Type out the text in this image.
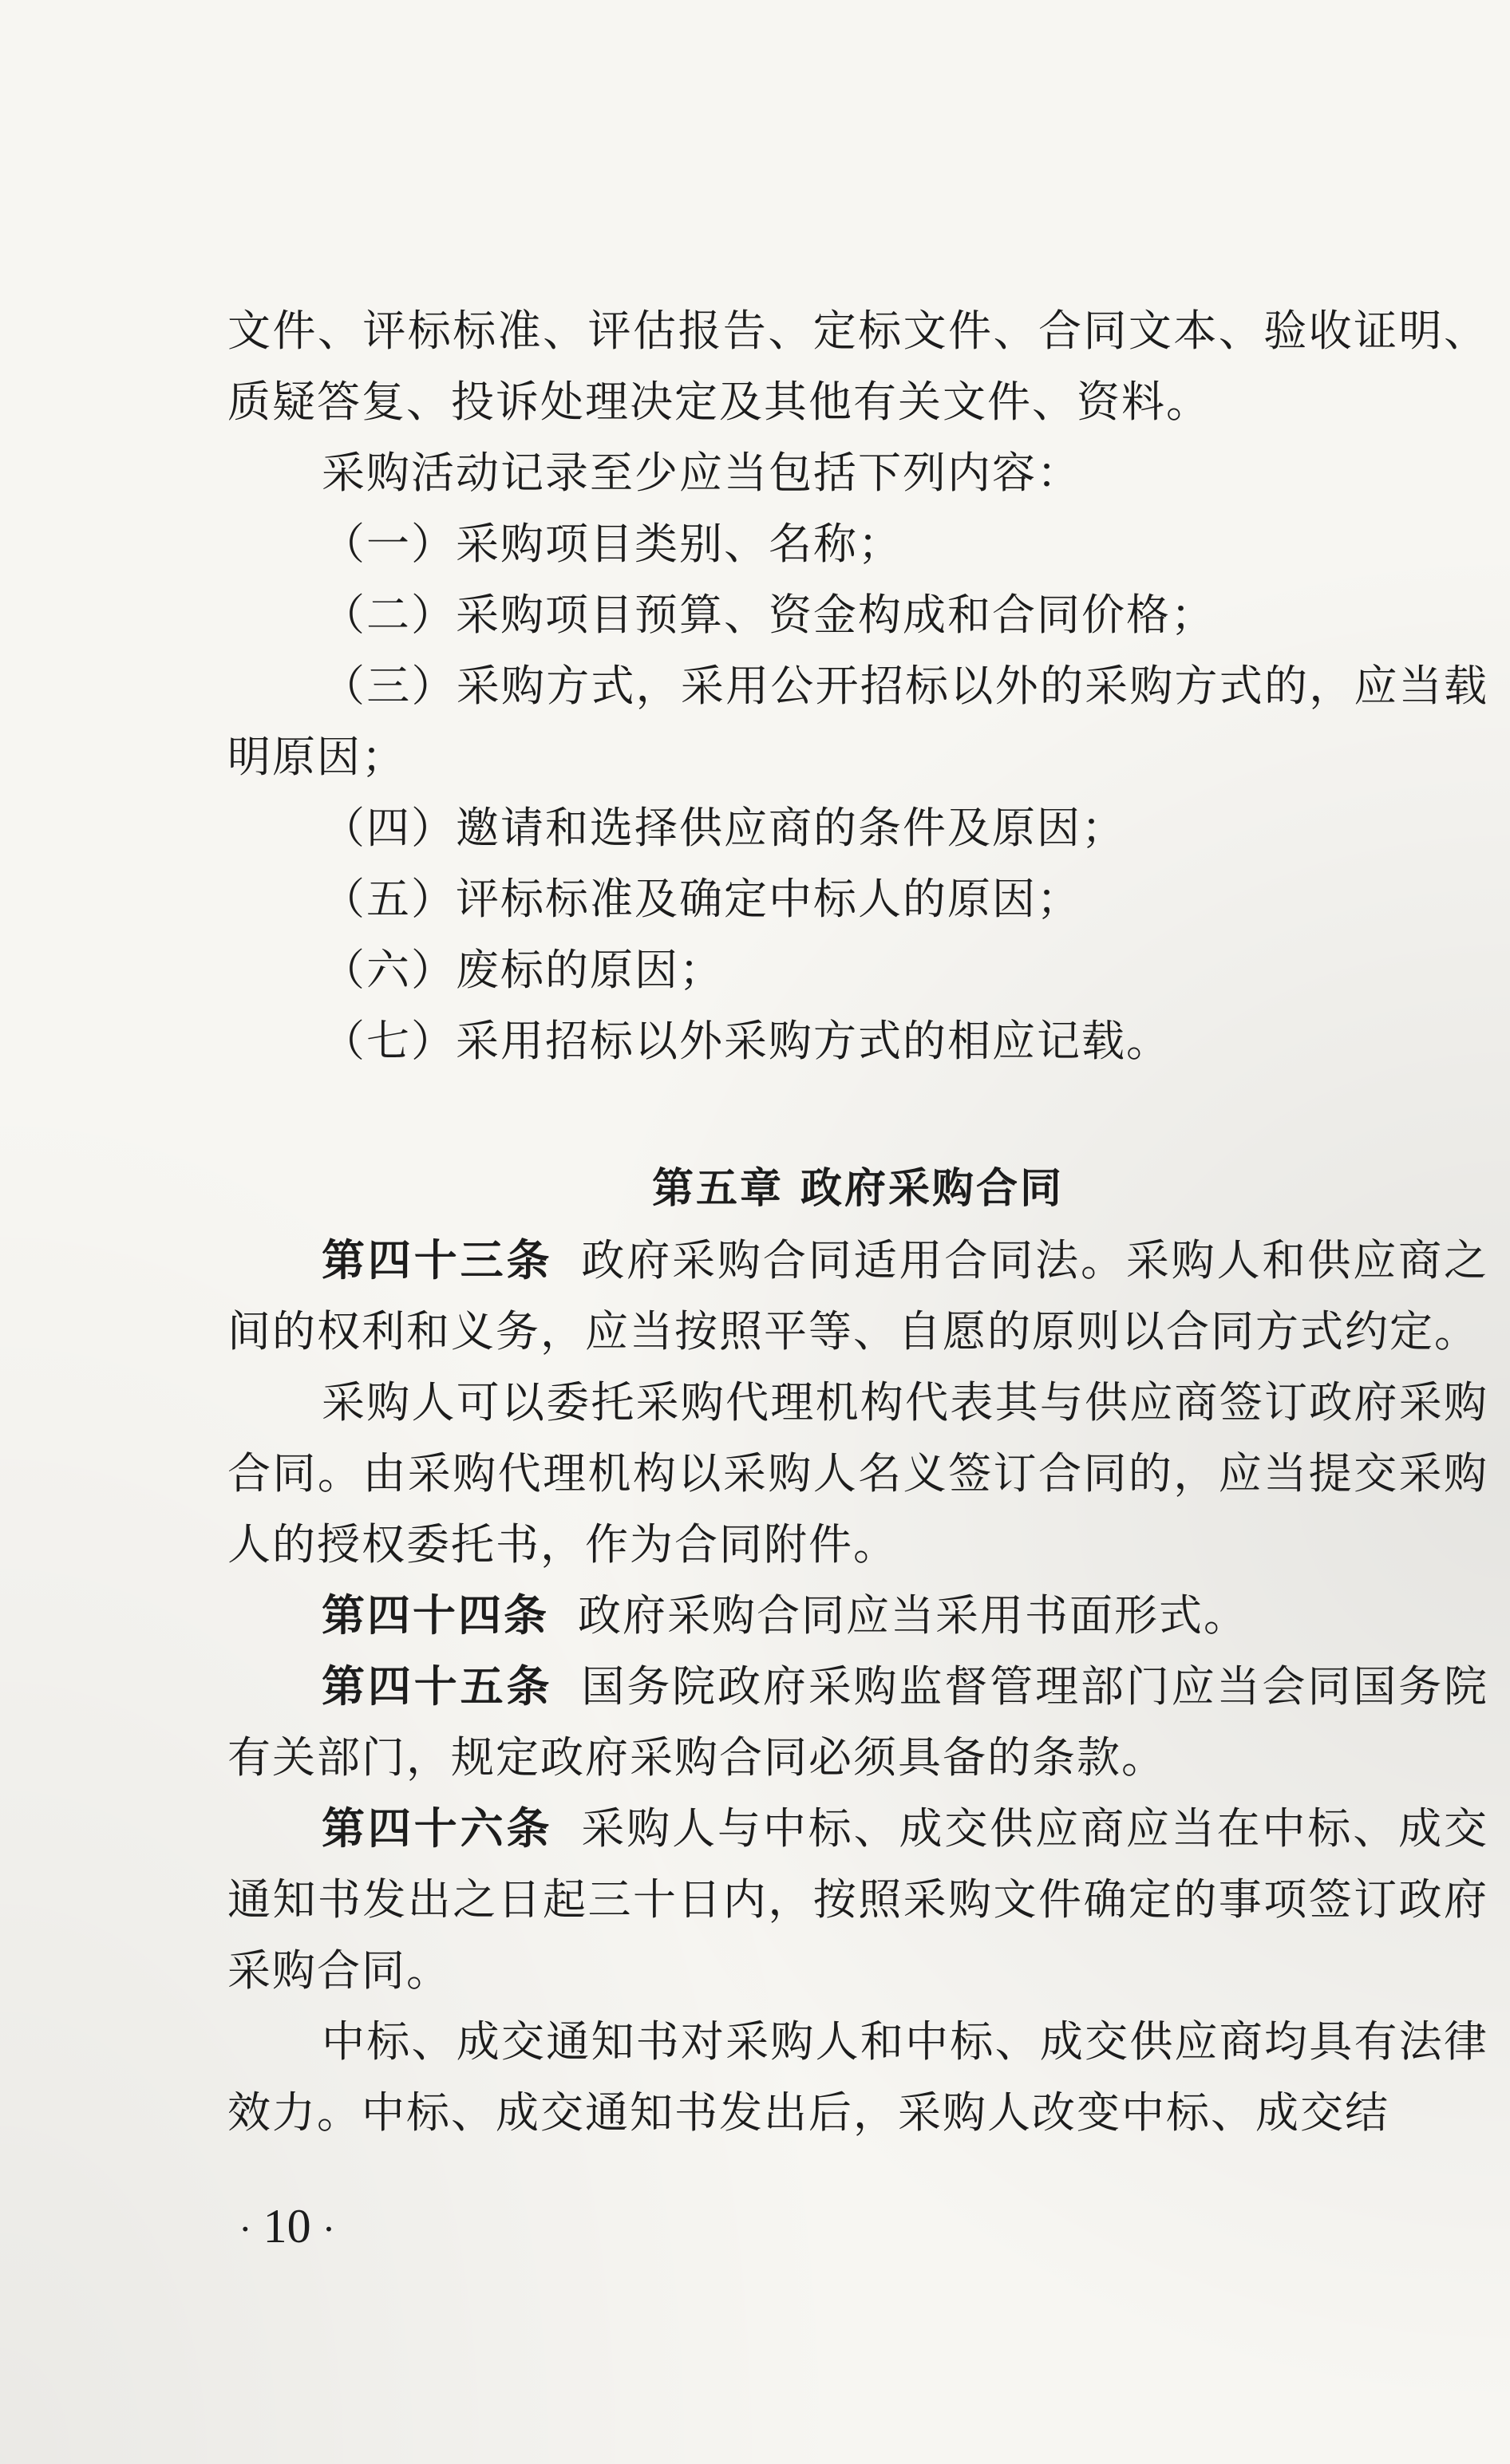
文件、评标标准、评估报告、定标文件、合同文本、验收证明、质疑答复、投诉处理决定及其他有关文件、资料。

采购活动记录至少应当包括下列内容：

（一）采购项目类别、名称；

（二）采购项目预算、资金构成和合同价格；

（三）采购方式，采用公开招标以外的采购方式的，应当载明原因；

（四）邀请和选择供应商的条件及原因；

（五）评标标准及确定中标人的原因；

（六）废标的原因；

（七）采用招标以外采购方式的相应记载。

第五章 政府采购合同

第四十三条 政府采购合同适用合同法。采购人和供应商之间的权利和义务，应当按照平等、自愿的原则以合同方式约定。

采购人可以委托采购代理机构代表其与供应商签订政府采购合同。由采购代理机构以采购人名义签订合同的，应当提交采购人的授权委托书，作为合同附件。

第四十四条 政府采购合同应当采用书面形式。

第四十五条 国务院政府采购监督管理部门应当会同国务院有关部门，规定政府采购合同必须具备的条款。

第四十六条 采购人与中标、成交供应商应当在中标、成交通知书发出之日起三十日内，按照采购文件确定的事项签订政府采购合同。

中标、成交通知书对采购人和中标、成交供应商均具有法律效力。中标、成交通知书发出后，采购人改变中标、成交结

· 10 ·
